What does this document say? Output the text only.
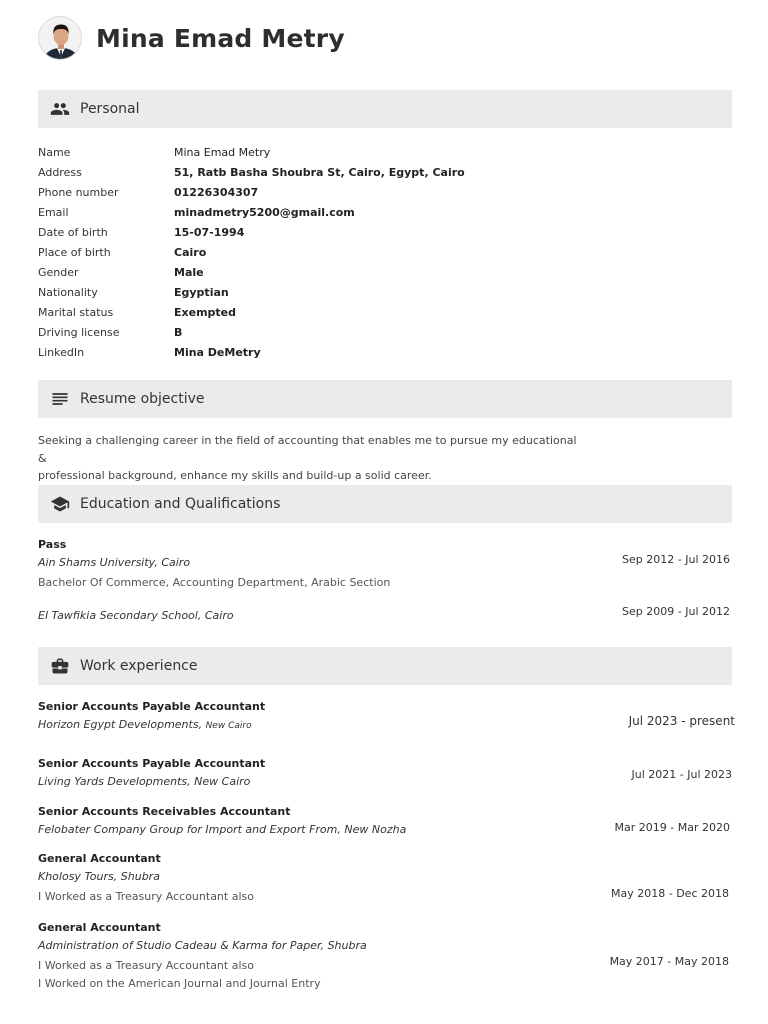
Mina Emad Metry
Personal
Name	Mina Emad Metry
Address	51, Ratb Basha Shoubra St, Cairo, Egypt, Cairo
Phone number	01226304307
Email	minadmetry5200@gmail.com
Date of birth	15-07-1994
Place of birth	Cairo
Gender	Male
Nationality	Egyptian
Marital status	Exempted
Driving license	B
LinkedIn	Mina DeMetry
Resume objective
Seeking a challenging career in the field of accounting that enables me to pursue my educational &
professional background, enhance my skills and build-up a solid career.
Education and Qualifications
Pass
Ain Shams University, Cairo
Bachelor Of Commerce, Accounting Department, Arabic Section
Sep 2012 - Jul 2016
El Tawfikia Secondary School, Cairo	Sep 2009 - Jul 2012
Work experience
Senior Accounts Payable Accountant
Horizon Egypt Developments, New Cairo	Jul 2023 - present
Senior Accounts Payable Accountant
Living Yards Developments, New Cairo
Jul 2021 - Jul 2023
Senior Accounts Receivables Accountant
Felobater Company Group for Import and Export From, New Nozha	Mar 2019 - Mar 2020
General Accountant
Kholosy Tours, Shubra
I Worked as a Treasury Accountant also	May 2018 - Dec 2018
General Accountant
Administration of Studio Cadeau & Karma for Paper, Shubra
I Worked as a Treasury Accountant also
I Worked on the American Journal and Journal Entry
May 2017 - May 2018
